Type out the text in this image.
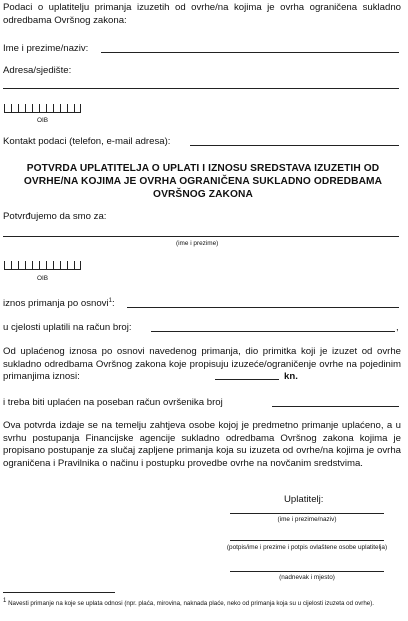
Podaci o uplatitelju primanja izuzetih od ovrhe/na kojima je ovrha ograničena sukladno odredbama Ovršnog zakona:
Ime i prezime/naziv:
Adresa/sjedište:
OIB
Kontakt podaci (telefon, e-mail adresa):
POTVRDA UPLATITELJA O UPLATI I IZNOSU SREDSTAVA IZUZETIH OD OVRHE/NA KOJIMA JE OVRHA OGRANIČENA SUKLADNO ODREDBAMA OVRŠNOG ZAKONA
Potvrđujemo da smo za:
(ime i prezime)
OIB
iznos primanja po osnovi$^1$:
u cjelosti uplatili na račun broj:	,
Od uplaćenog iznosa po osnovi navedenog primanja, dio primitka koji je izuzet od ovrhe sukladno odredbama Ovršnog zakona koje propisuju izuzeće/ograničenje ovrhe na pojedinim primanjima iznosi:	kn.
i treba biti uplaćen na poseban račun ovršenika broj
Ova potvrda izdaje se na temelju zahtjeva osobe kojoj je predmetno primanje uplaćeno, a u svrhu postupanja Financijske agencije sukladno odredbama Ovršnog zakona kojima je propisano postupanje za slučaj zapljene primanja koja su izuzeta od ovrhe/na kojima je ovrha ograničena i Pravilnika o načinu i postupku provedbe ovrhe na novčanim sredstvima.
Uplatitelj:
(ime i prezime/naziv)
(potpis/ime i prezime i potpis ovlaštene osobe uplatitelja)
(nadnevak i mjesto)
$^1$ Navesti primanje na koje se uplata odnosi (npr. plaća, mirovina, naknada plaće, neko od primanja koja su u cijelosti izuzeta od ovrhe).
